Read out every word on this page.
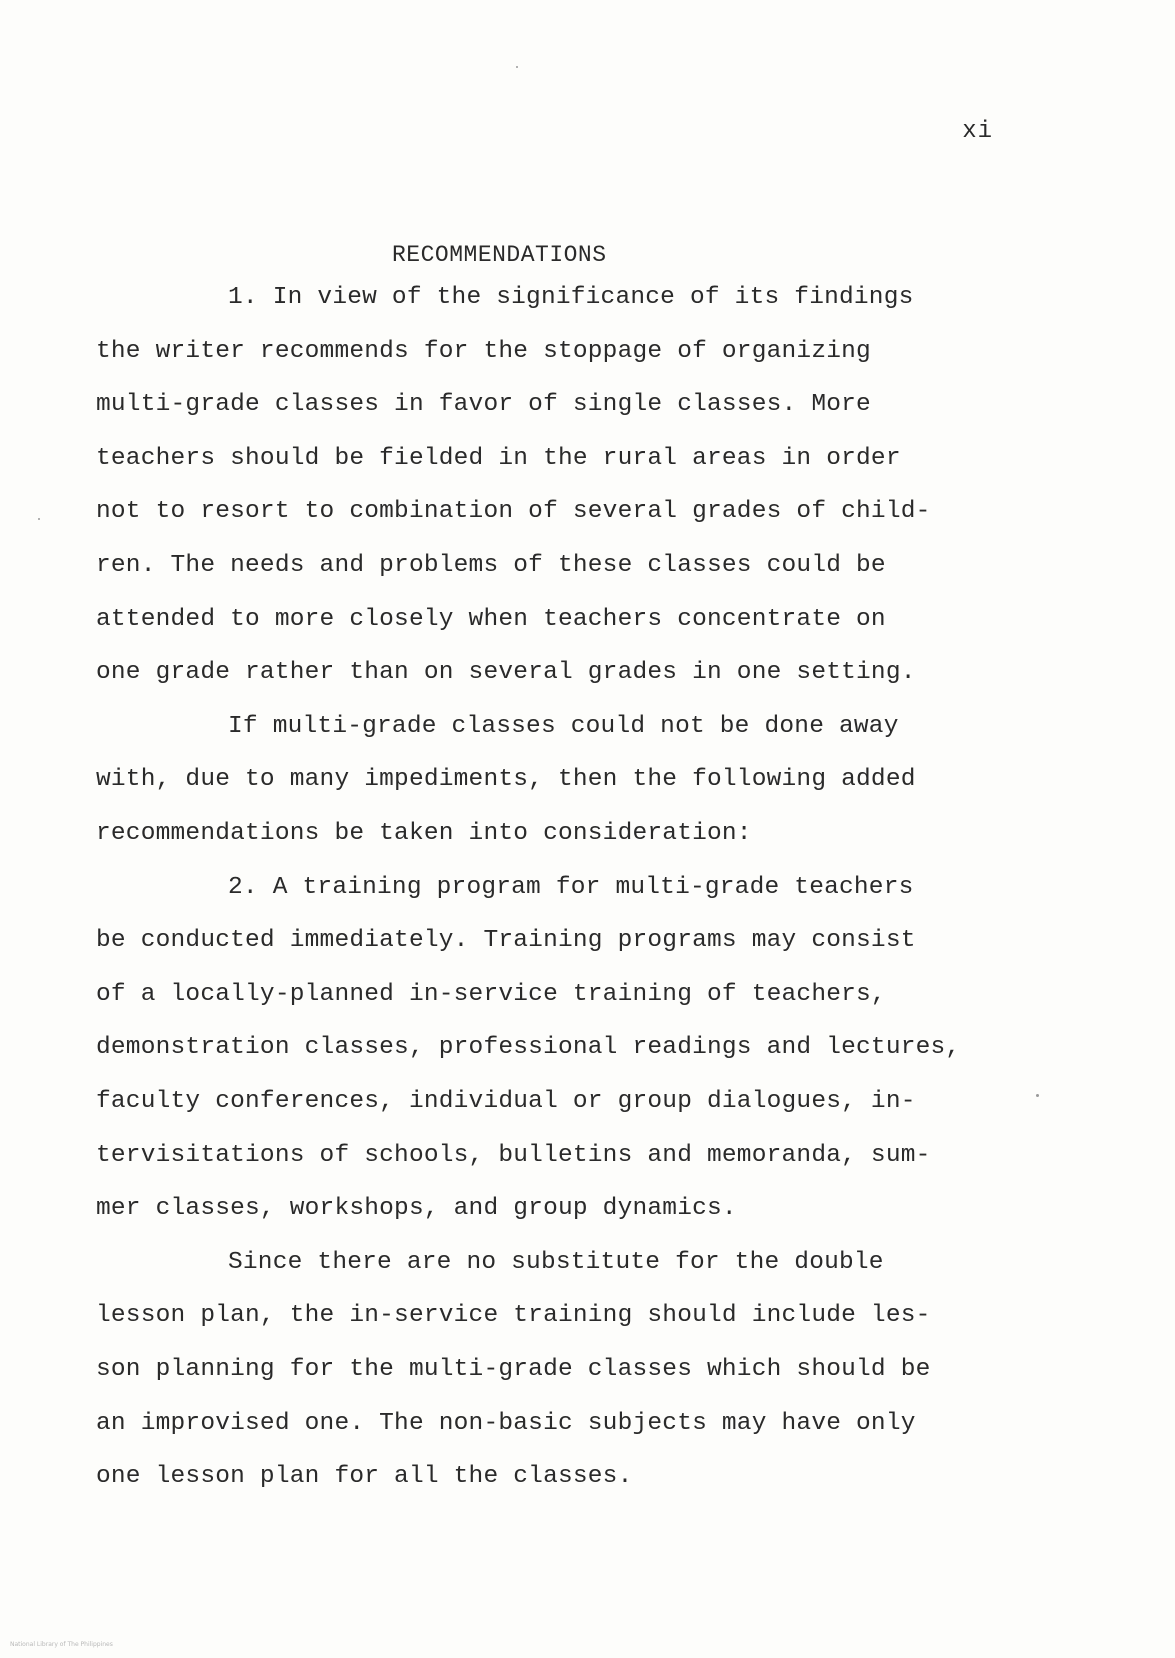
xi
RECOMMENDATIONS
1. In view of the significance of its findings
the writer recommends for the stoppage of organizing
multi-grade classes in favor of single classes. More
teachers should be fielded in the rural areas in order
not to resort to combination of several grades of child-
ren. The needs and problems of these classes could be
attended to more closely when teachers concentrate on
one grade rather than on several grades in one setting.
If multi-grade classes could not be done away
with, due to many impediments, then the following added
recommendations be taken into consideration:
2. A training program for multi-grade teachers
be conducted immediately. Training programs may consist
of a locally-planned in-service training of teachers,
demonstration classes, professional readings and lectures,
faculty conferences, individual or group dialogues, in-
tervisitations of schools, bulletins and memoranda, sum-
mer classes, workshops, and group dynamics.
Since there are no substitute for the double
lesson plan, the in-service training should include les-
son planning for the multi-grade classes which should be
an improvised one. The non-basic subjects may have only
one lesson plan for all the classes.
National Library of The Philippines
